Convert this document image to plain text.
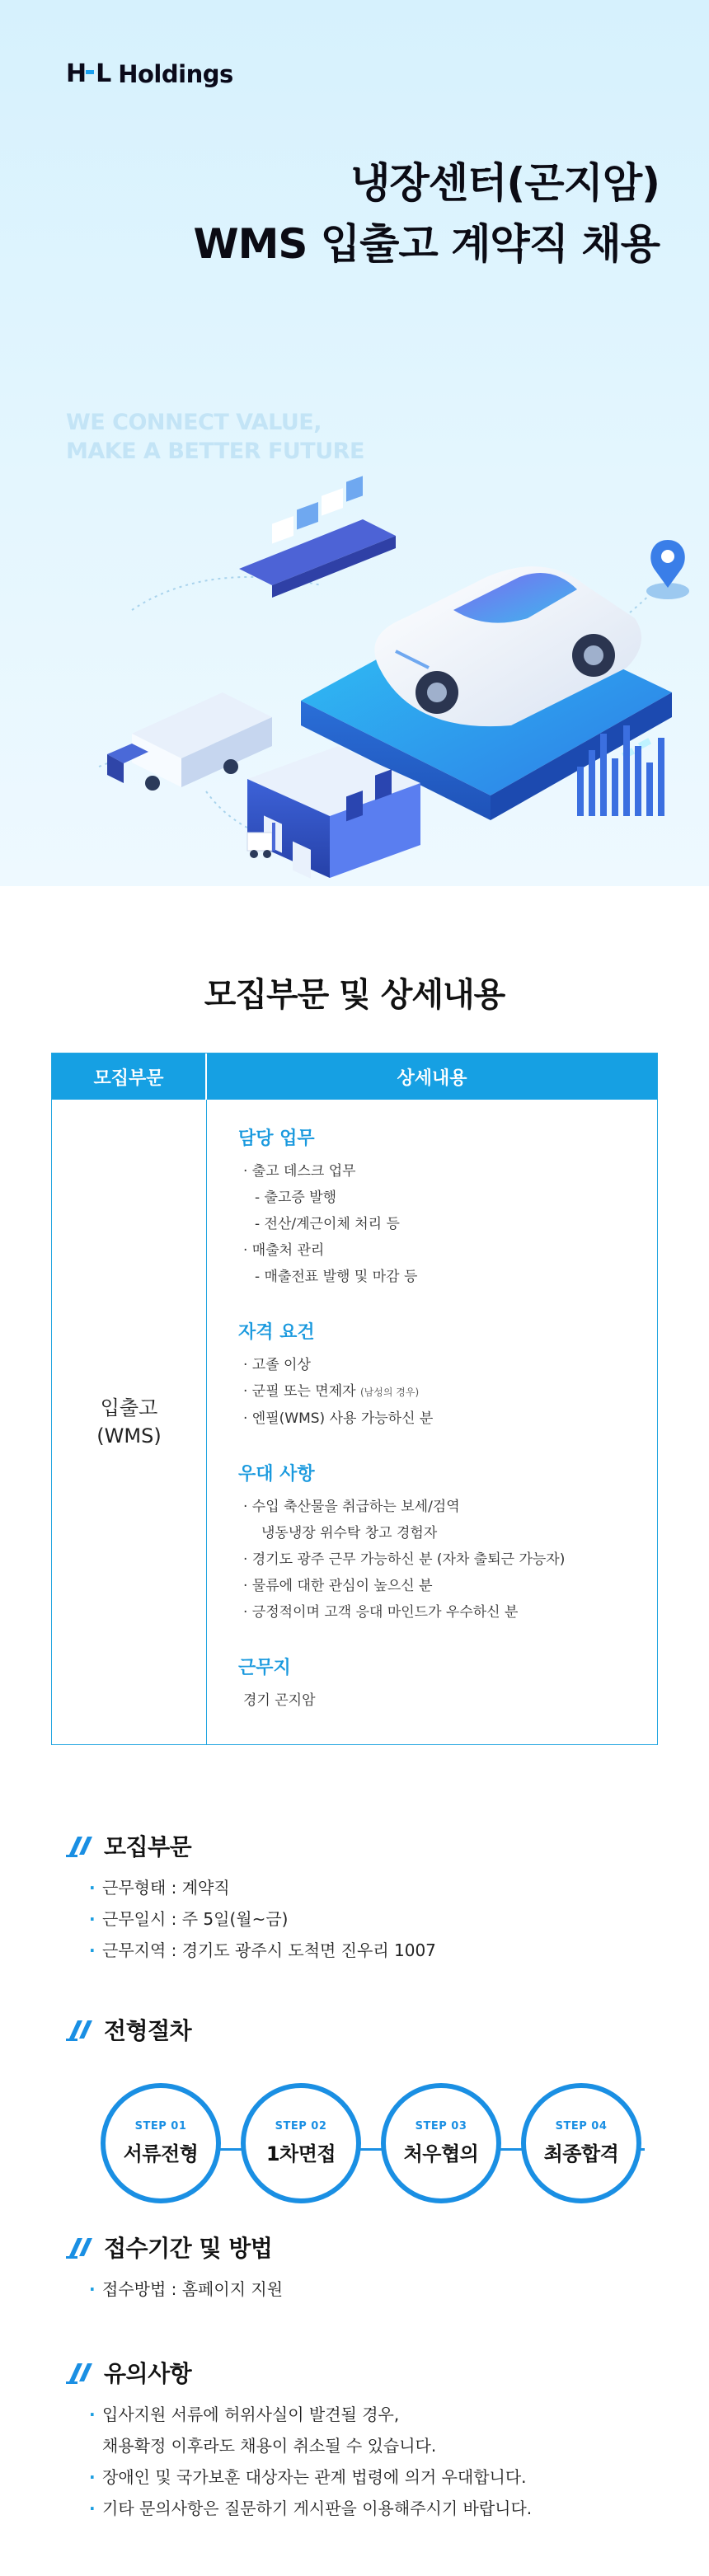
H L Holdings
냉장센터(곤지암)
WMS 입출고 계약직 채용
WE CONNECT VALUE,
MAKE A BETTER FUTURE
모집부문 및 상세내용
모집부문	상세내용
입출고
(WMS)
담당 업무
· 출고 데스크 업무
- 출고증 발행
- 전산/계근이체 처리 등
· 매출처 관리
- 매출전표 발행 및 마감 등
자격 요건
· 고졸 이상
· 군필 또는 면제자 (남성의 경우)
· 엔필(WMS) 사용 가능하신 분
우대 사항
· 수입 축산물을 취급하는 보세/검역
냉동냉장 위수탁 창고 경험자
· 경기도 광주 근무 가능하신 분 (자차 출퇴근 가능자)
· 물류에 대한 관심이 높으신 분
· 긍정적이며 고객 응대 마인드가 우수하신 분
근무지
경기 곤지암
모집부문
· 근무형태 : 계약직
· 근무일시 : 주 5일(월~금)
· 근무지역 : 경기도 광주시 도척면 진우리 1007
전형절차
STEP 01
서류전형
STEP 02
1차면접
STEP 03
처우협의
STEP 04
최종합격
접수기간 및 방법
· 접수방법 : 홈페이지 지원
유의사항
· 입사지원 서류에 허위사실이 발견될 경우,
채용확정 이후라도 채용이 취소될 수 있습니다.
· 장애인 및 국가보훈 대상자는 관계 법령에 의거 우대합니다.
· 기타 문의사항은 질문하기 게시판을 이용해주시기 바랍니다.
